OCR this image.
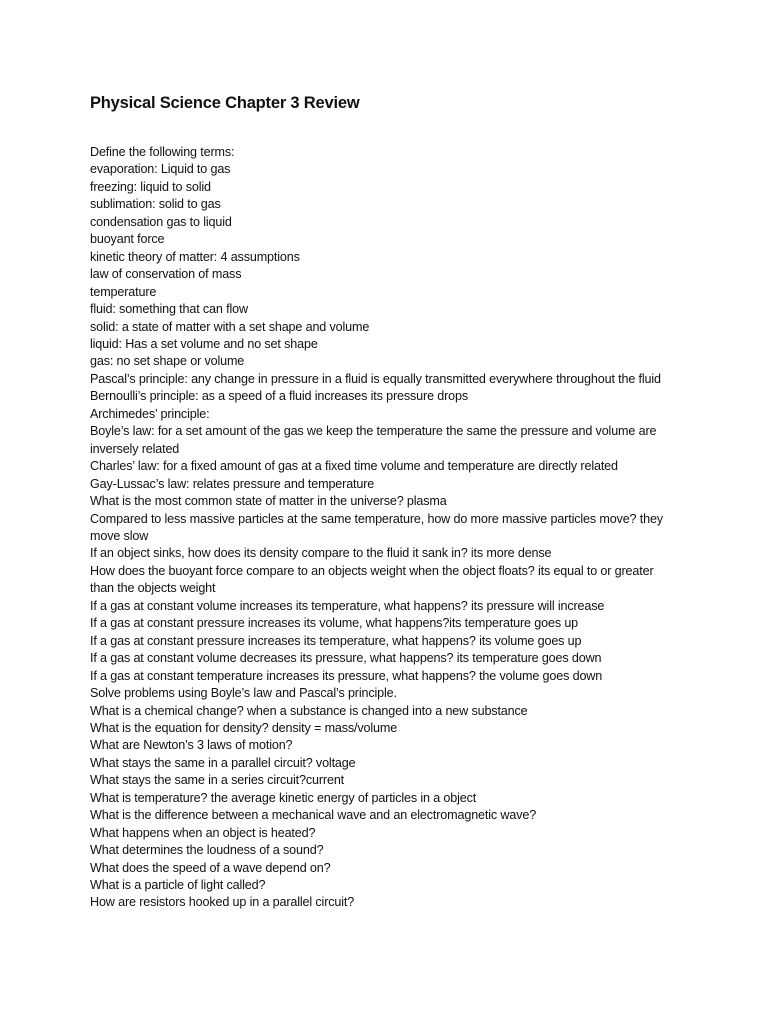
Physical Science Chapter 3 Review
Define the following terms:
evaporation: Liquid to gas
freezing: liquid to solid
sublimation: solid to gas
condensation gas to liquid
buoyant force
kinetic theory of matter: 4 assumptions
law of conservation of mass
temperature
fluid: something that can flow
solid: a state of matter with a set shape and volume
liquid: Has a set volume and no set shape
gas: no set shape or volume
Pascal’s principle: any change in pressure in a fluid is equally transmitted everywhere throughout the fluid
Bernoulli’s principle: as a speed of a fluid increases its pressure drops
Archimedes’ principle:
Boyle’s law: for a set amount of the gas we keep the temperature the same the pressure and volume are inversely related
Charles’ law: for a fixed amount of gas at a fixed time volume and temperature are directly related
Gay-Lussac’s law: relates pressure and temperature
What is the most common state of matter in the universe? plasma
Compared to less massive particles at the same temperature, how do more massive particles move? they move slow
If an object sinks, how does its density compare to the fluid it sank in? its more dense
How does the buoyant force compare to an objects weight when the object floats? its equal to or greater than the objects weight
If a gas at constant volume increases its temperature, what happens? its pressure will increase
If a gas at constant pressure increases its volume, what happens?its temperature goes up
If a gas at constant pressure increases its temperature, what happens? its volume goes up
If a gas at constant volume decreases its pressure, what happens? its temperature goes down
If a gas at constant temperature increases its pressure, what happens? the volume goes down
Solve problems using Boyle’s law and Pascal’s principle.
What is a chemical change? when a substance is changed into a new substance
What is the equation for density? density = mass/volume
What are Newton’s 3 laws of motion?
What stays the same in a parallel circuit? voltage
What stays the same in a series circuit?current
What is temperature? the average kinetic energy of particles in a object
What is the difference between a mechanical wave and an electromagnetic wave?
What happens when an object is heated?
What determines the loudness of a sound?
What does the speed of a wave depend on?
What is a particle of light called?
How are resistors hooked up in a parallel circuit?
